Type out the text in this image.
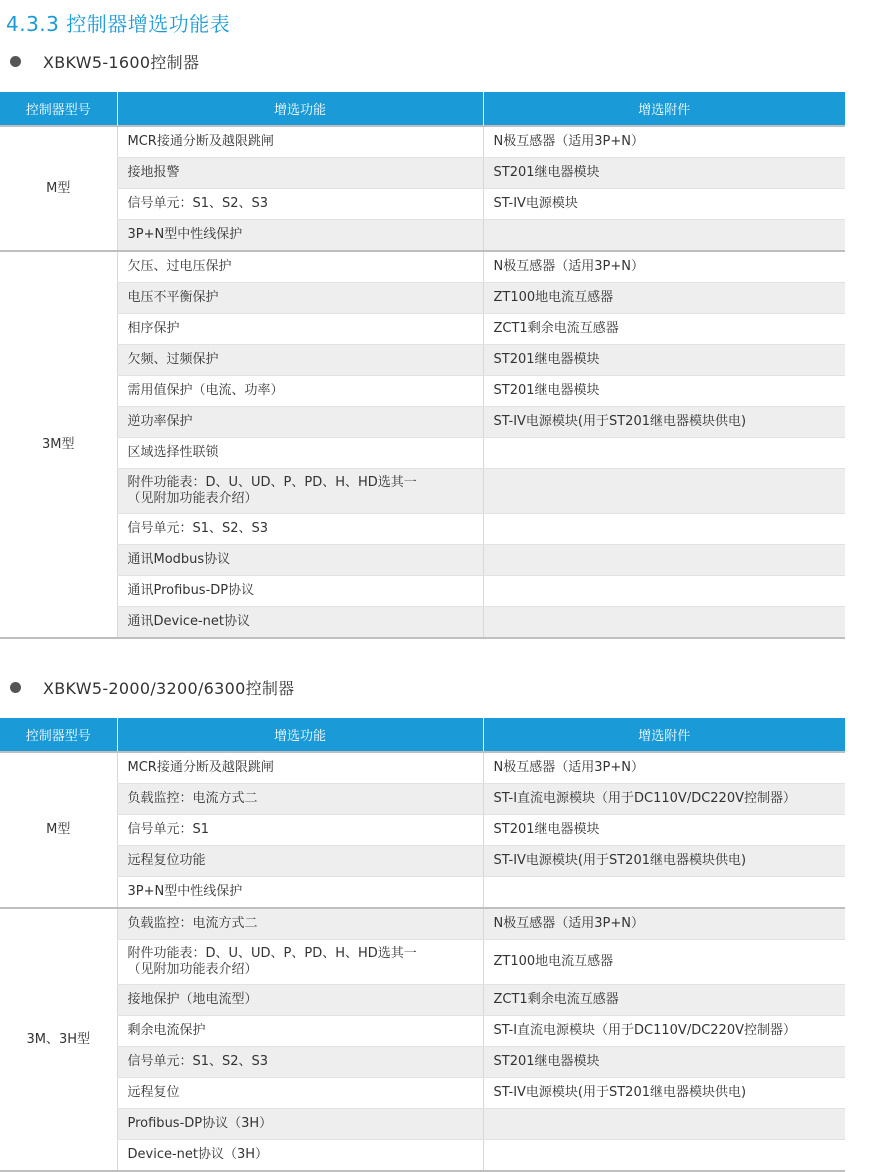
4.3.3 控制器增选功能表
XBKW5-1600控制器
控制器型号	增选功能	增选附件
M型	MCR接通分断及越限跳闸	N极互感器（适用3P+N）

	接地报警	ST201继电器模块

	信号单元：S1、S2、S3	ST-IV电源模块

	3P+N型中性线保护	

3M型	欠压、过电压保护	N极互感器（适用3P+N）

	电压不平衡保护	ZT100地电流互感器

	相序保护	ZCT1剩余电流互感器

	欠频、过频保护	ST201继电器模块

	需用值保护（电流、功率）	ST201继电器模块

	逆功率保护	ST-IV电源模块(用于ST201继电器模块供电)

	区域选择性联锁	

	附件功能表：D、U、UD、P、PD、H、HD选其一
（见附加功能表介绍）	

	信号单元：S1、S2、S3	

	通讯Modbus协议	

	通讯Profibus-DP协议	

	通讯Device-net协议	

XBKW5-2000/3200/6300控制器
控制器型号	增选功能	增选附件
M型	MCR接通分断及越限跳闸	N极互感器（适用3P+N）

	负载监控：电流方式二	ST-I直流电源模块（用于DC110V/DC220V控制器）

	信号单元：S1	ST201继电器模块

	远程复位功能	ST-IV电源模块(用于ST201继电器模块供电)

	3P+N型中性线保护	

3M、3H型	负载监控：电流方式二	N极互感器（适用3P+N）

	附件功能表：D、U、UD、P、PD、H、HD选其一
（见附加功能表介绍）	ZT100地电流互感器

	接地保护（地电流型）	ZCT1剩余电流互感器

	剩余电流保护	ST-I直流电源模块（用于DC110V/DC220V控制器）

	信号单元：S1、S2、S3	ST201继电器模块

	远程复位	ST-IV电源模块(用于ST201继电器模块供电)

	Profibus-DP协议（3H）	

	Device-net协议（3H）	
